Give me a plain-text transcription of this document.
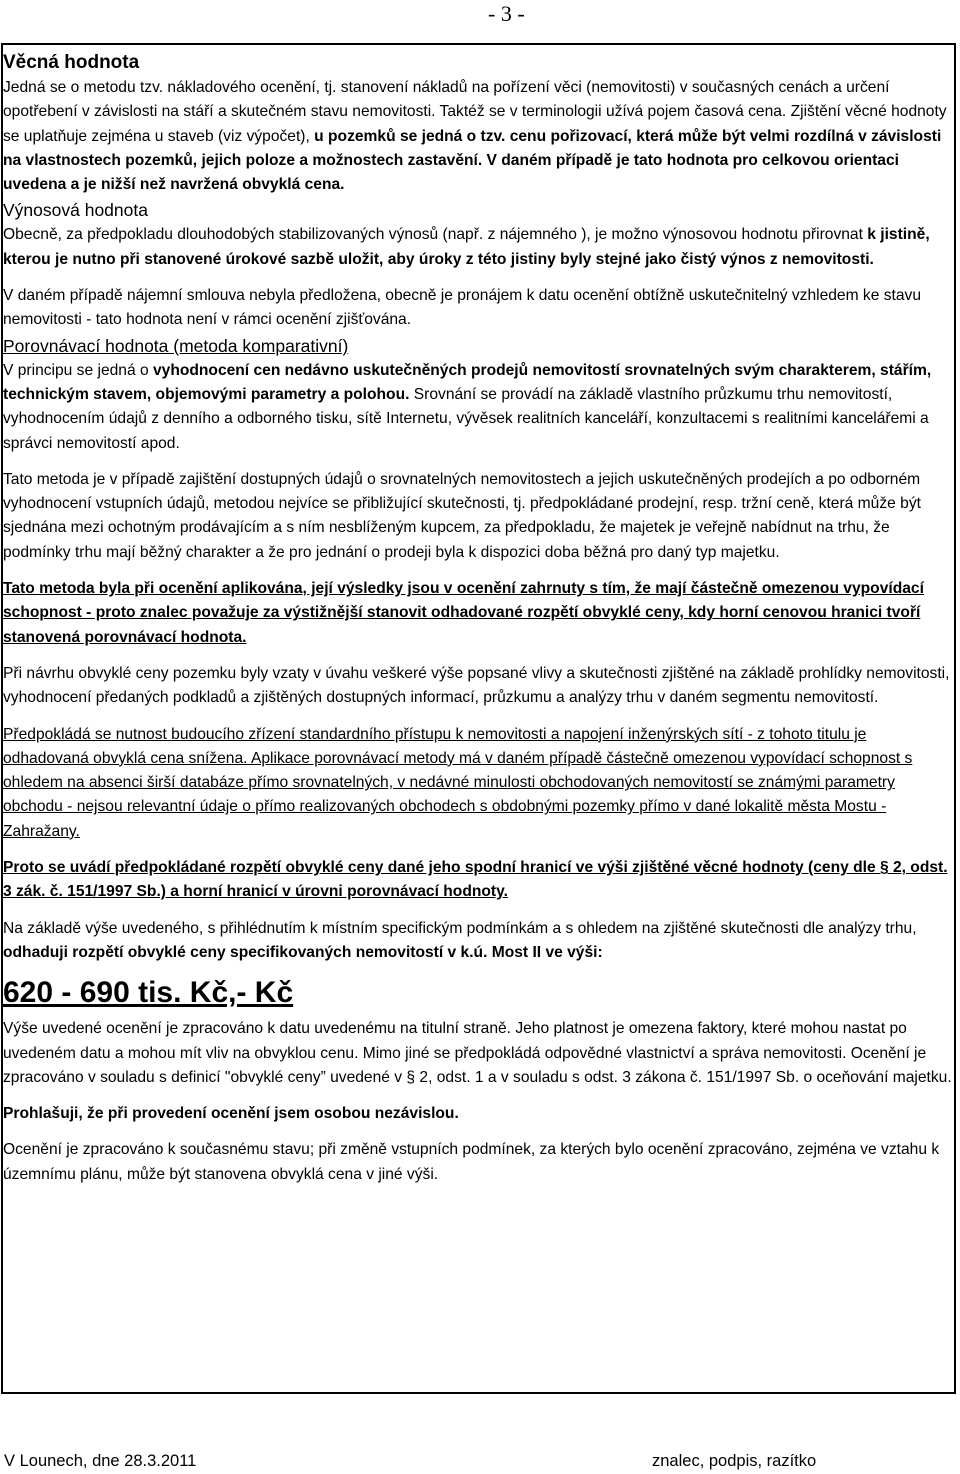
- 3 -

Věcná hodnota

Jedná se o metodu tzv. nákladového ocenění, tj. stanovení nákladů na pořízení věci (nemovitosti) v současných cenách a určení opotřebení v závislosti na stáří a skutečném stavu nemovitosti. Taktéž se v terminologii užívá pojem časová cena. Zjištění věcné hodnoty se uplatňuje zejména u staveb (viz výpočet), u pozemků se jedná o tzv. cenu pořizovací, která může být velmi rozdílná v závislosti na vlastnostech pozemků, jejich poloze a možnostech zastavění. V daném případě je tato hodnota pro celkovou orientaci uvedena a je nižší než navržená obvyklá cena.

Výnosová hodnota

Obecně, za předpokladu dlouhodobých stabilizovaných výnosů (např. z nájemného ), je možno výnosovou hodnotu přirovnat k jistině, kterou je nutno při stanovené úrokové sazbě uložit, aby úroky z této jistiny byly stejné jako čistý výnos z nemovitosti.

V daném případě nájemní smlouva nebyla předložena, obecně je pronájem k datu ocenění obtížně uskutečnitelný vzhledem ke stavu nemovitosti - tato hodnota není v rámci ocenění zjišťována.

Porovnávací hodnota (metoda komparativní)

V principu se jedná o vyhodnocení cen nedávno uskutečněných prodejů nemovitostí srovnatelných svým charakterem, stářím, technickým stavem, objemovými parametry a polohou. Srovnání se provádí na základě vlastního průzkumu trhu nemovitostí, vyhodnocením údajů z denního a odborného tisku, sítě Internetu, vývěsek realitních kanceláří, konzultacemi s realitními kancelářemi a správci nemovitostí apod.

Tato metoda je v případě zajištění dostupných údajů o srovnatelných nemovitostech a jejich uskutečněných prodejích a po odborném vyhodnocení vstupních údajů, metodou nejvíce se přibližující skutečnosti, tj. předpokládané prodejní, resp. tržní ceně, která může být sjednána mezi ochotným prodávajícím a s ním nesblíženým kupcem, za předpokladu, že majetek je veřejně nabídnut na trhu, že podmínky trhu mají běžný charakter a že pro jednání o prodeji byla k dispozici doba běžná pro daný typ majetku.

Tato metoda byla při ocenění aplikována, její výsledky jsou v ocenění zahrnuty s tím, že mají částečně omezenou vypovídací schopnost - proto znalec považuje za výstižnější stanovit odhadované rozpětí obvyklé ceny, kdy horní cenovou hranici tvoří stanovená porovnávací hodnota.

Při návrhu obvyklé ceny pozemku byly vzaty v úvahu veškeré výše popsané vlivy a skutečnosti zjištěné na základě prohlídky nemovitosti, vyhodnocení předaných podkladů a zjištěných dostupných informací, průzkumu a analýzy trhu v daném segmentu nemovitostí.

Předpokládá se nutnost budoucího zřízení standardního přístupu k nemovitosti a napojení inženýrských sítí - z tohoto titulu je odhadovaná obvyklá cena snížena. Aplikace porovnávací metody má v daném případě částečně omezenou vypovídací schopnost s ohledem na absenci širší databáze přímo srovnatelných, v nedávné minulosti obchodovaných nemovitostí se známými parametry obchodu - nejsou relevantní údaje o přímo realizovaných obchodech s obdobnými pozemky přímo v dané lokalitě města Mostu - Zahražany.

Proto se uvádí předpokládané rozpětí obvyklé ceny dané jeho spodní hranicí ve výši zjištěné věcné hodnoty (ceny dle § 2, odst. 3 zák. č. 151/1997 Sb.) a horní hranicí v úrovni porovnávací hodnoty.

Na základě výše uvedeného, s přihlédnutím k místním specifickým podmínkám a s ohledem na zjištěné skutečnosti dle analýzy trhu, odhaduji rozpětí obvyklé ceny specifikovaných nemovitostí v k.ú. Most II ve výši:

620 - 690 tis. Kč,- Kč

Výše uvedené ocenění je zpracováno k datu uvedenému na titulní straně. Jeho platnost je omezena faktory, které mohou nastat po uvedeném datu a mohou mít vliv na obvyklou cenu. Mimo jiné se předpokládá odpovědné vlastnictví a správa nemovitosti. Ocenění je zpracováno v souladu s definicí "obvyklé ceny” uvedené v § 2, odst. 1 a v souladu s odst. 3 zákona č. 151/1997 Sb. o oceňování majetku.

Prohlašuji, že při provedení ocenění jsem osobou nezávislou.

Ocenění je zpracováno k současnému stavu; při změně vstupních podmínek, za kterých bylo ocenění zpracováno, zejména ve vztahu k územnímu plánu, může být stanovena obvyklá cena v jiné výši.

V Lounech, dne 28.3.2011	znalec, podpis, razítko
